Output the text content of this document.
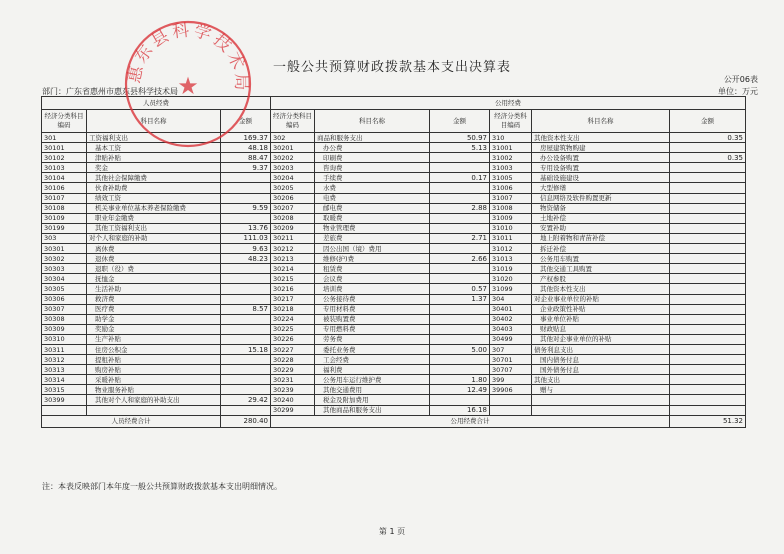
一般公共预算财政拨款基本支出决算表
公开06表
部门：广东省惠州市惠东县科学技术局	单位：万元
人员经费			公用经费					
经济分类科目编码	科目名称	金额	经济分类科目编码	科目名称	金额	经济分类科目编码	科目名称	金额
301	工资福利支出	169.37	302	商品和服务支出	50.97	310	其他资本性支出	0.35
30101	基本工资	48.18	30201	办公费	5.13	31001	房屋建筑物购建	
30102	津贴补贴	88.47	30202	印刷费		31002	办公设备购置	0.35
30103	奖金	9.37	30203	咨询费		31003	专用设备购置	
30104	其他社会保障缴费		30204	手续费	0.17	31005	基础设施建设	
30106	伙食补助费		30205	水费		31006	大型修缮	
30107	绩效工资		30206	电费		31007	信息网络及软件购置更新	
30108	机关事业单位基本养老保险缴费	9.59	30207	邮电费	2.88	31008	物资储备	
30109	职业年金缴费		30208	取暖费		31009	土地补偿	
30199	其他工资福利支出	13.76	30209	物业管理费		31010	安置补助	
303	对个人和家庭的补助	111.03	30211	差旅费	2.71	31011	地上附着物和青苗补偿	
30301	离休费	9.63	30212	因公出国（境）费用		31012	拆迁补偿	
30302	退休费	48.23	30213	维修(护)费	2.66	31013	公务用车购置	
30303	退职（役）费		30214	租赁费		31019	其他交通工具购置	
30304	抚恤金		30215	会议费		31020	产权参股	
30305	生活补助		30216	培训费	0.57	31099	其他资本性支出	
30306	救济费		30217	公务接待费	1.37	304	对企业事业单位的补贴	
30307	医疗费	8.57	30218	专用材料费		30401	企业政策性补贴	
30308	助学金		30224	被装购置费		30402	事业单位补贴	
30309	奖励金		30225	专用燃料费		30403	财政贴息	
30310	生产补贴		30226	劳务费		30499	其他对企事业单位的补贴	
30311	住房公积金	15.18	30227	委托业务费	5.00	307	债务利息支出	
30312	提租补贴		30228	工会经费		30701	国内债务付息	
30313	购房补贴		30229	福利费		30707	国外债务付息	
30314	采暖补贴		30231	公务用车运行维护费	1.80	399	其他支出	
30315	物业服务补贴		30239	其他交通费用	12.49	39906	赠与	
30399	其他对个人和家庭的补助支出	29.42	30240	税金及附加费用				
			30299	其他商品和服务支出	16.18			
人员经费合计		280.40	公用经费合计					51.32
惠东县科学技术局
★
注：本表反映部门本年度一般公共预算财政拨款基本支出明细情况。
第 1 页
